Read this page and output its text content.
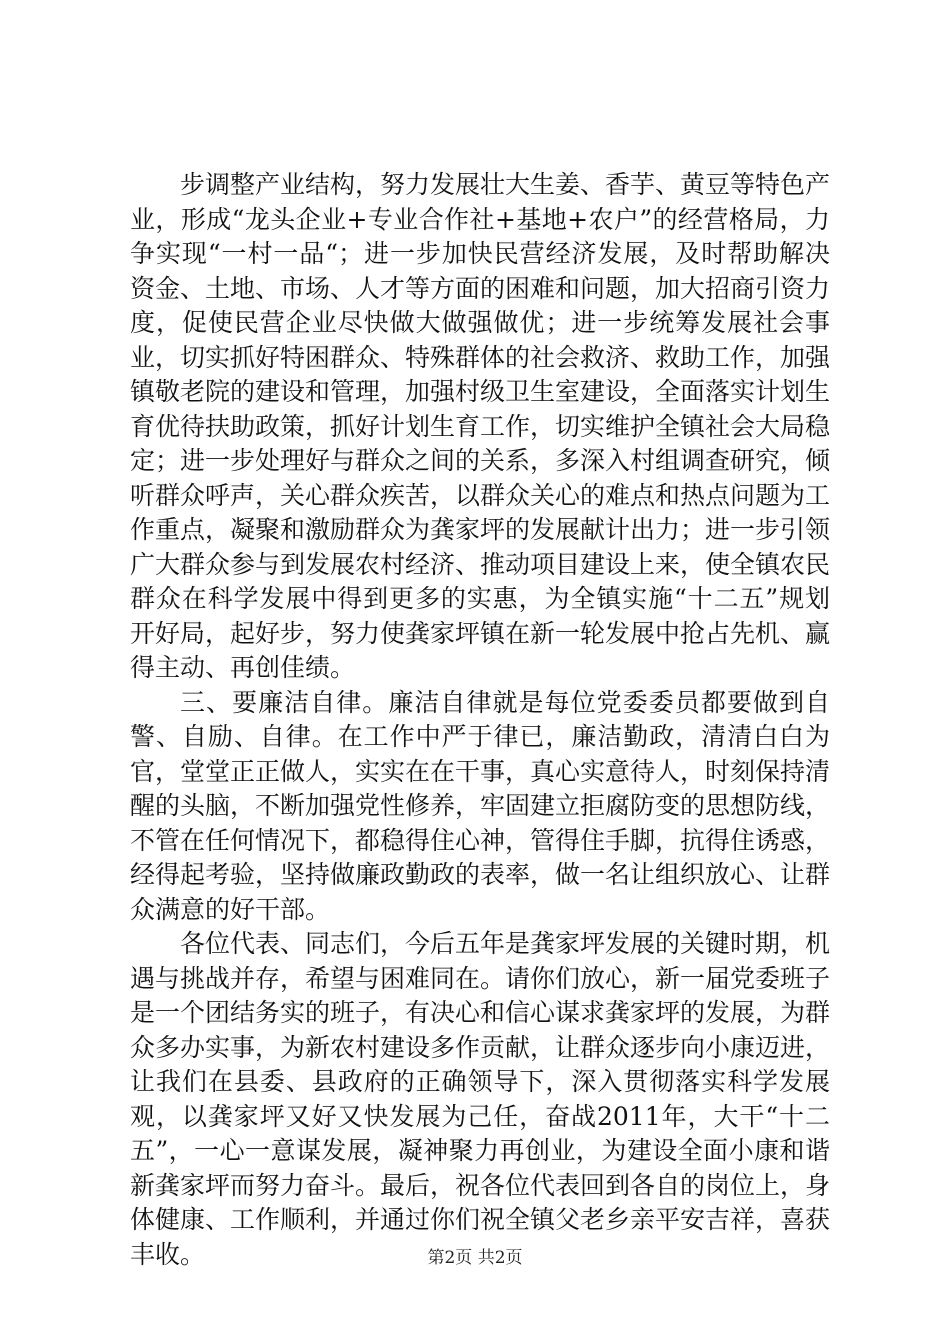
步调整产业结构，努力发展壮大生姜、香芋、黄豆等特色产业，形成“龙头企业+专业合作社+基地+农户”的经营格局，力争实现“一村一品“；进一步加快民营经济发展，及时帮助解决资金、土地、市场、人才等方面的困难和问题，加大招商引资力度，促使民营企业尽快做大做强做优；进一步统筹发展社会事业，切实抓好特困群众、特殊群体的社会救济、救助工作，加强镇敬老院的建设和管理，加强村级卫生室建设，全面落实计划生育优待扶助政策，抓好计划生育工作，切实维护全镇社会大局稳定；进一步处理好与群众之间的关系，多深入村组调查研究，倾听群众呼声，关心群众疾苦，以群众关心的难点和热点问题为工作重点，凝聚和激励群众为龚家坪的发展献计出力；进一步引领广大群众参与到发展农村经济、推动项目建设上来，使全镇农民群众在科学发展中得到更多的实惠，为全镇实施“十二五”规划开好局，起好步，努力使龚家坪镇在新一轮发展中抢占先机、赢得主动、再创佳绩。

三、要廉洁自律。廉洁自律就是每位党委委员都要做到自警、自励、自律。在工作中严于律已，廉洁勤政，清清白白为官，堂堂正正做人，实实在在干事，真心实意待人，时刻保持清醒的头脑，不断加强党性修养，牢固建立拒腐防变的思想防线，不管在任何情况下，都稳得住心神，管得住手脚，抗得住诱惑，经得起考验，坚持做廉政勤政的表率，做一名让组织放心、让群众满意的好干部。

各位代表、同志们，今后五年是龚家坪发展的关键时期，机遇与挑战并存，希望与困难同在。请你们放心，新一届党委班子是一个团结务实的班子，有决心和信心谋求龚家坪的发展，为群众多办实事，为新农村建设多作贡献，让群众逐步向小康迈进，让我们在县委、县政府的正确领导下，深入贯彻落实科学发展观，以龚家坪又好又快发展为己任，奋战2011年，大干“十二五”，一心一意谋发展，凝神聚力再创业，为建设全面小康和谐新龚家坪而努力奋斗。最后，祝各位代表回到各自的岗位上，身体健康、工作顺利，并通过你们祝全镇父老乡亲平安吉祥，喜获丰收。	第2页 共2页
